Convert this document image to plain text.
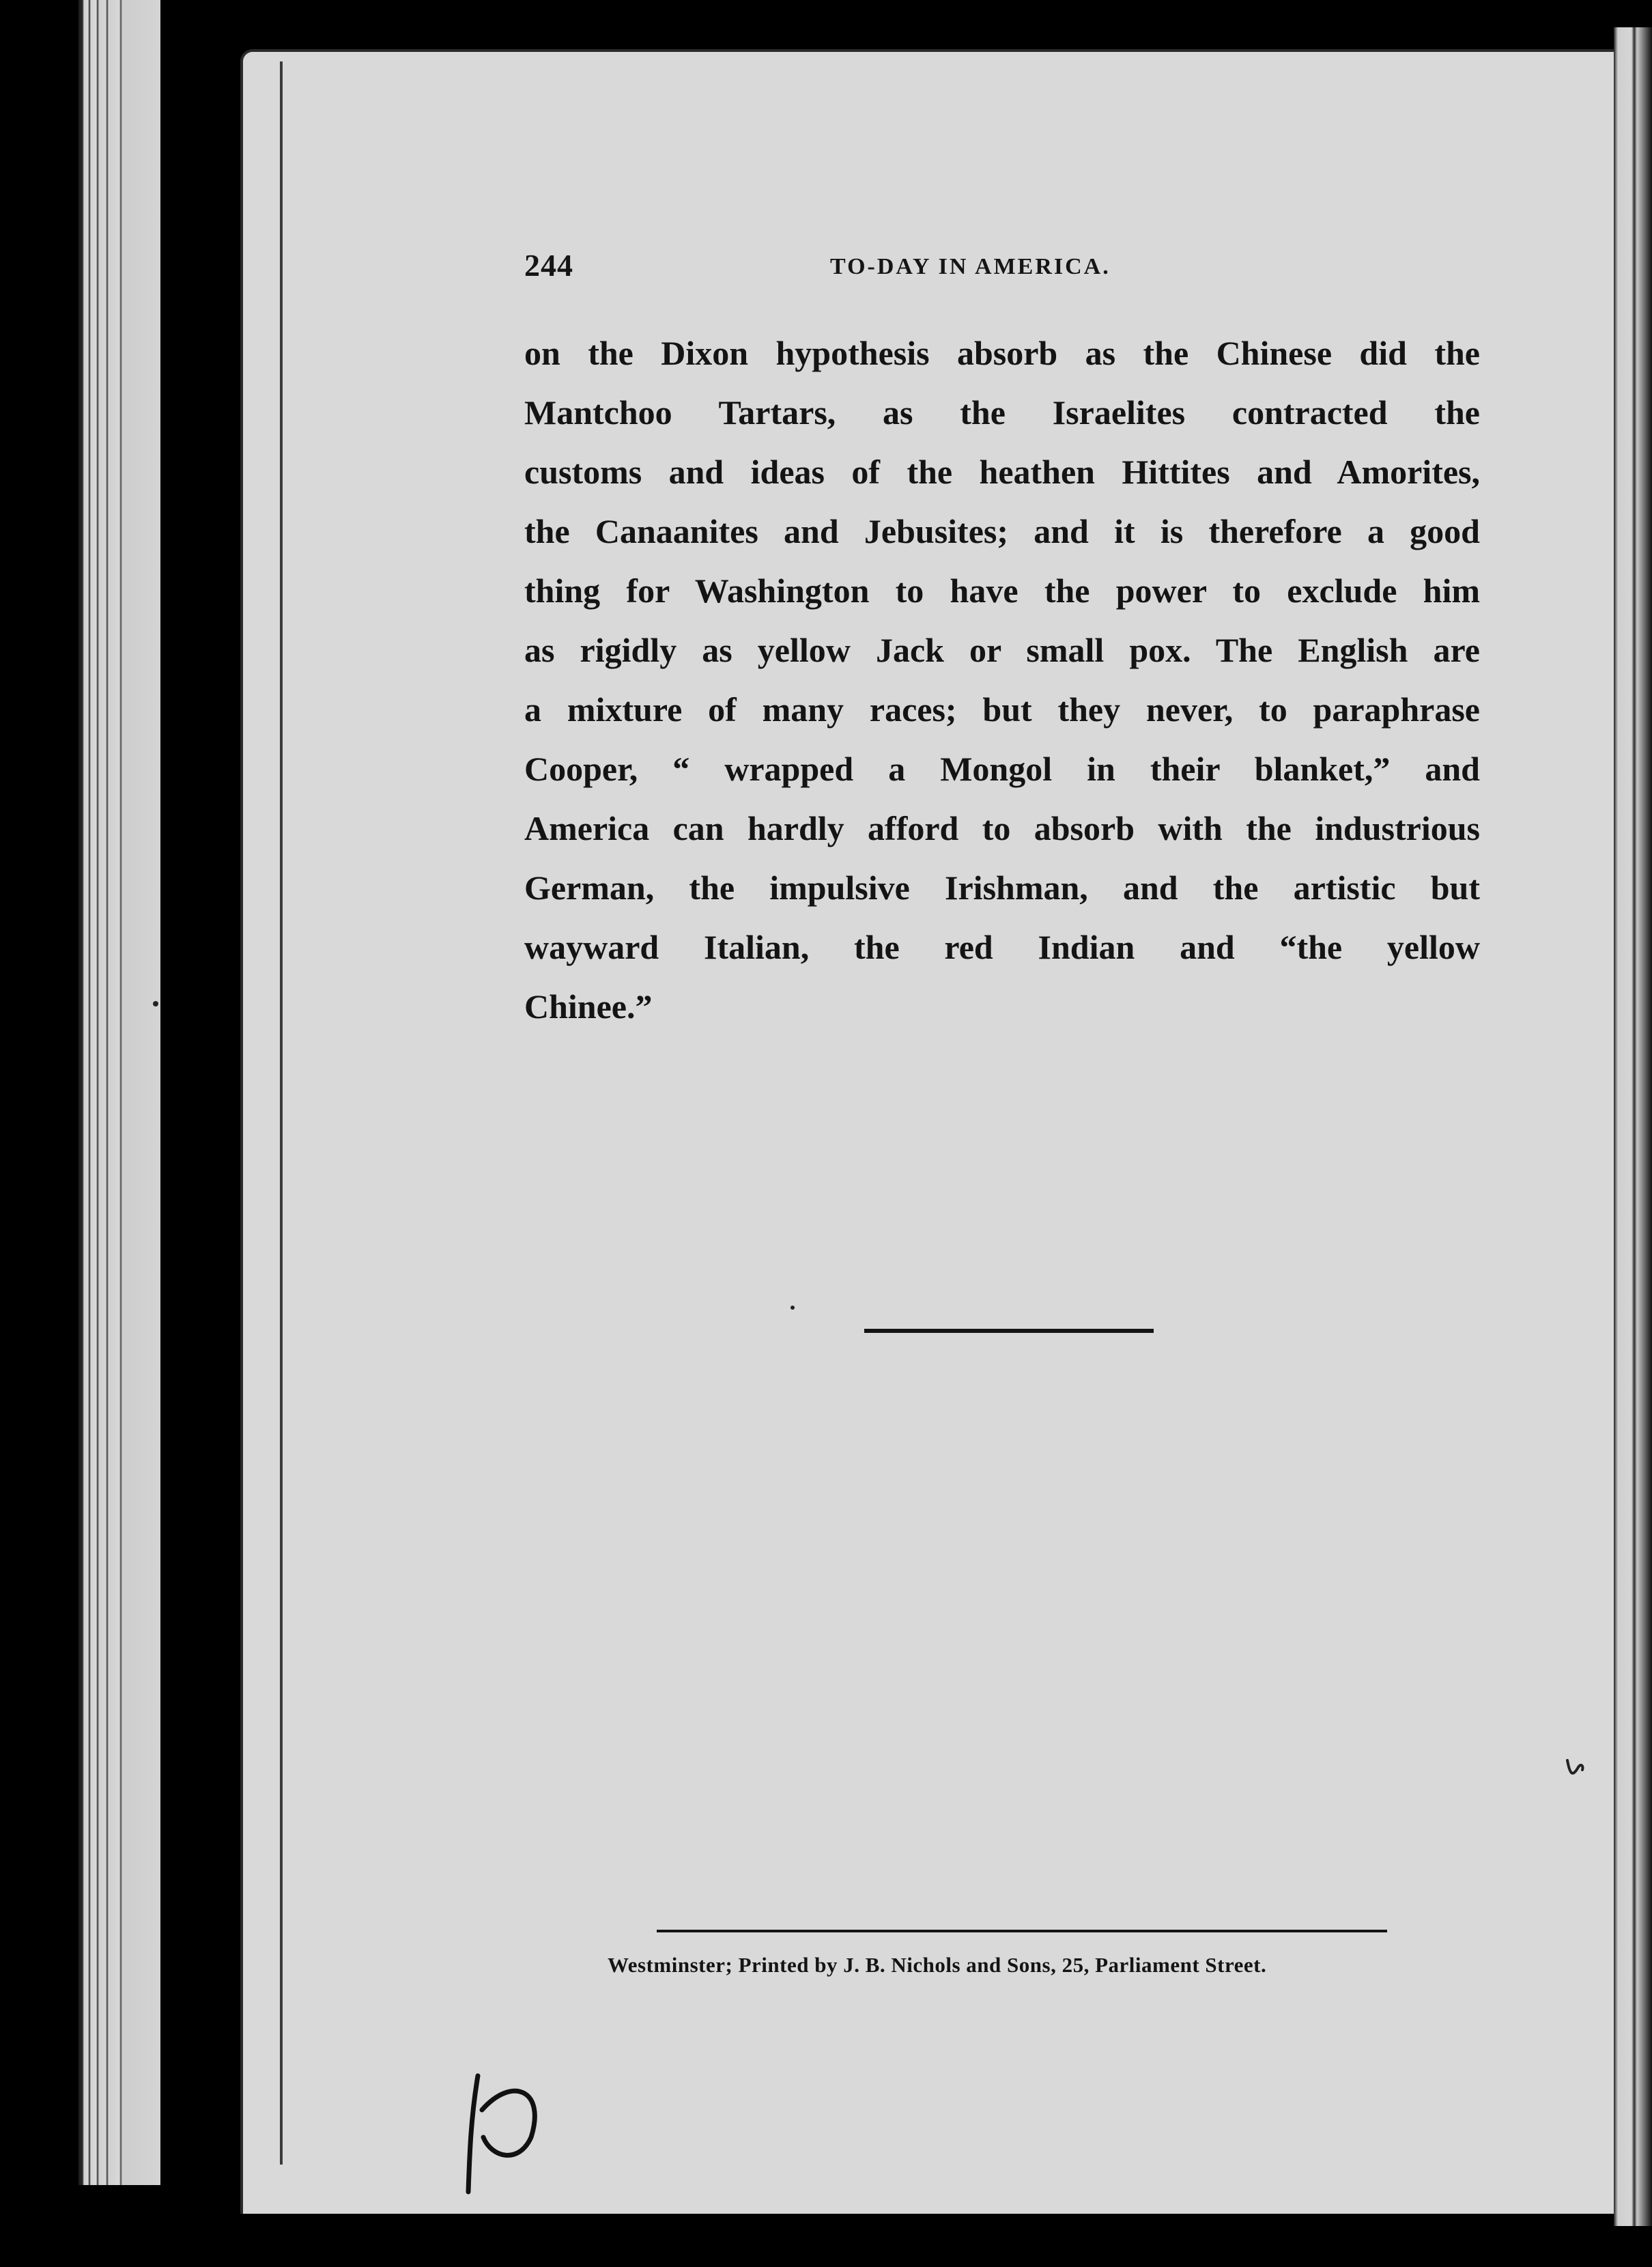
244	TO-DAY IN AMERICA.
on the Dixon hypothesis absorb as the Chinese did the
Mantchoo Tartars, as the Israelites contracted the
customs and ideas of the heathen Hittites and Amorites,
the Canaanites and Jebusites; and it is therefore a good
thing for Washington to have the power to exclude him
as rigidly as yellow Jack or small pox. The English are
a mixture of many races; but they never, to paraphrase
Cooper, “ wrapped a Mongol in their blanket,” and
America can hardly afford to absorb with the industrious
German, the impulsive Irishman, and the artistic but
wayward Italian, the red Indian and “the yellow
Chinee.”
Westminster; Printed by J. B. Nichols and Sons, 25, Parliament Street.
